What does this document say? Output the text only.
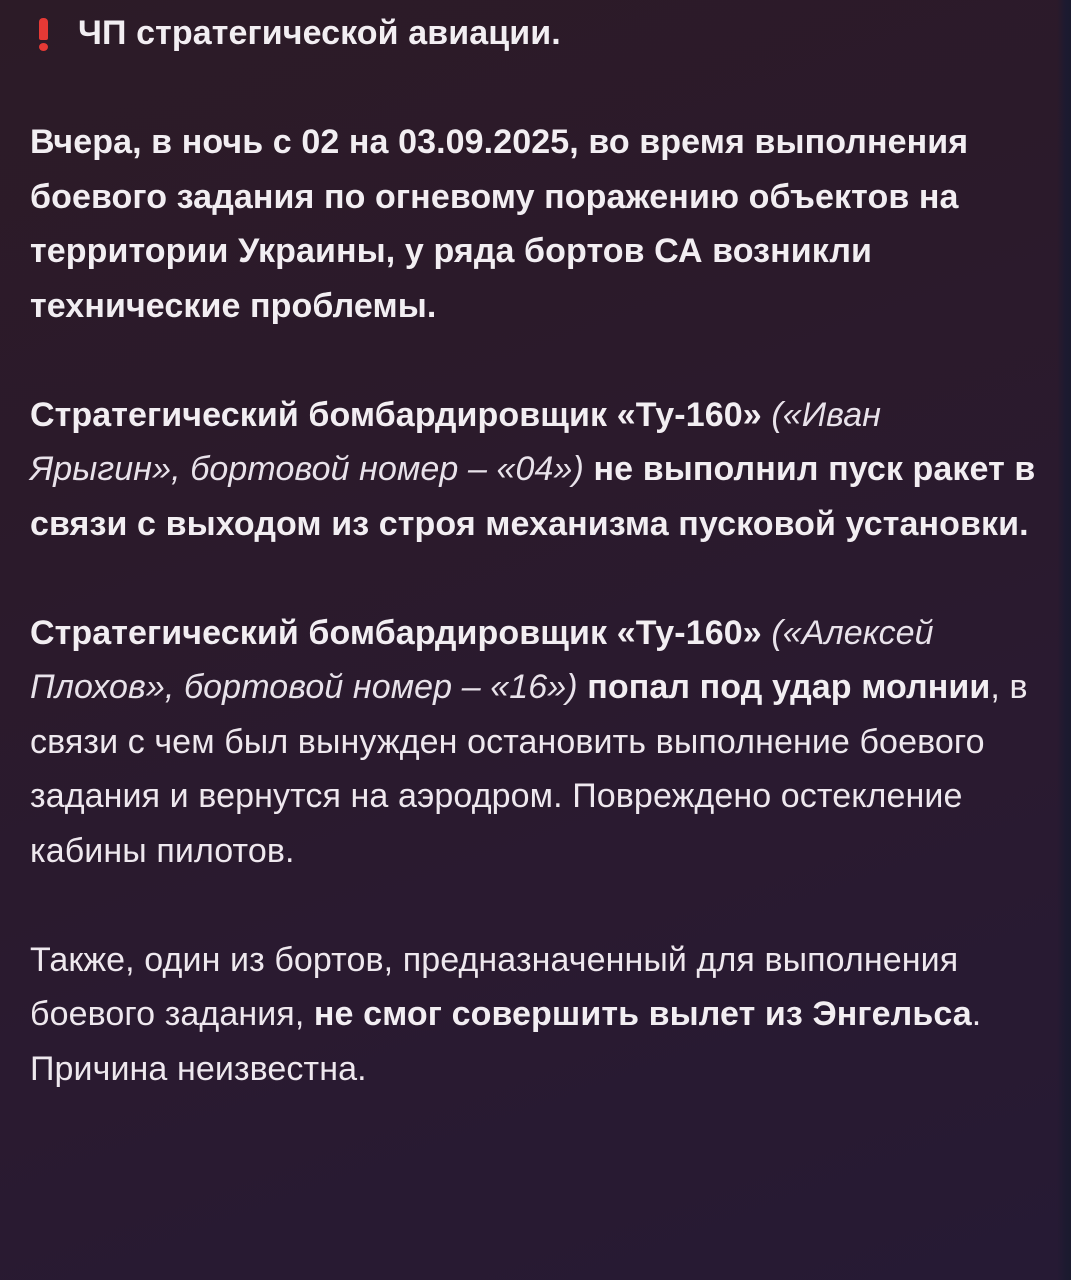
ЧП стратегической авиации.

Вчера, в ночь с 02 на 03.09.2025, во время выполнения боевого задания по огневому поражению объектов на территории Украины, у ряда бортов СА возникли технические проблемы.

Стратегический бомбардировщик «Ту-160» («Иван Ярыгин», бортовой номер – «04») не выполнил пуск ракет в связи с выходом из строя механизма пусковой установки.

Стратегический бомбардировщик «Ту-160» («Алексей Плохов», бортовой номер – «16») попал под удар молнии, в связи с чем был вынужден остановить выполнение боевого задания и вернутся на аэродром. Повреждено остекление кабины пилотов.

Также, один из бортов, предназначенный для выполнения боевого задания, не смог совершить вылет из Энгельса. Причина неизвестна.
